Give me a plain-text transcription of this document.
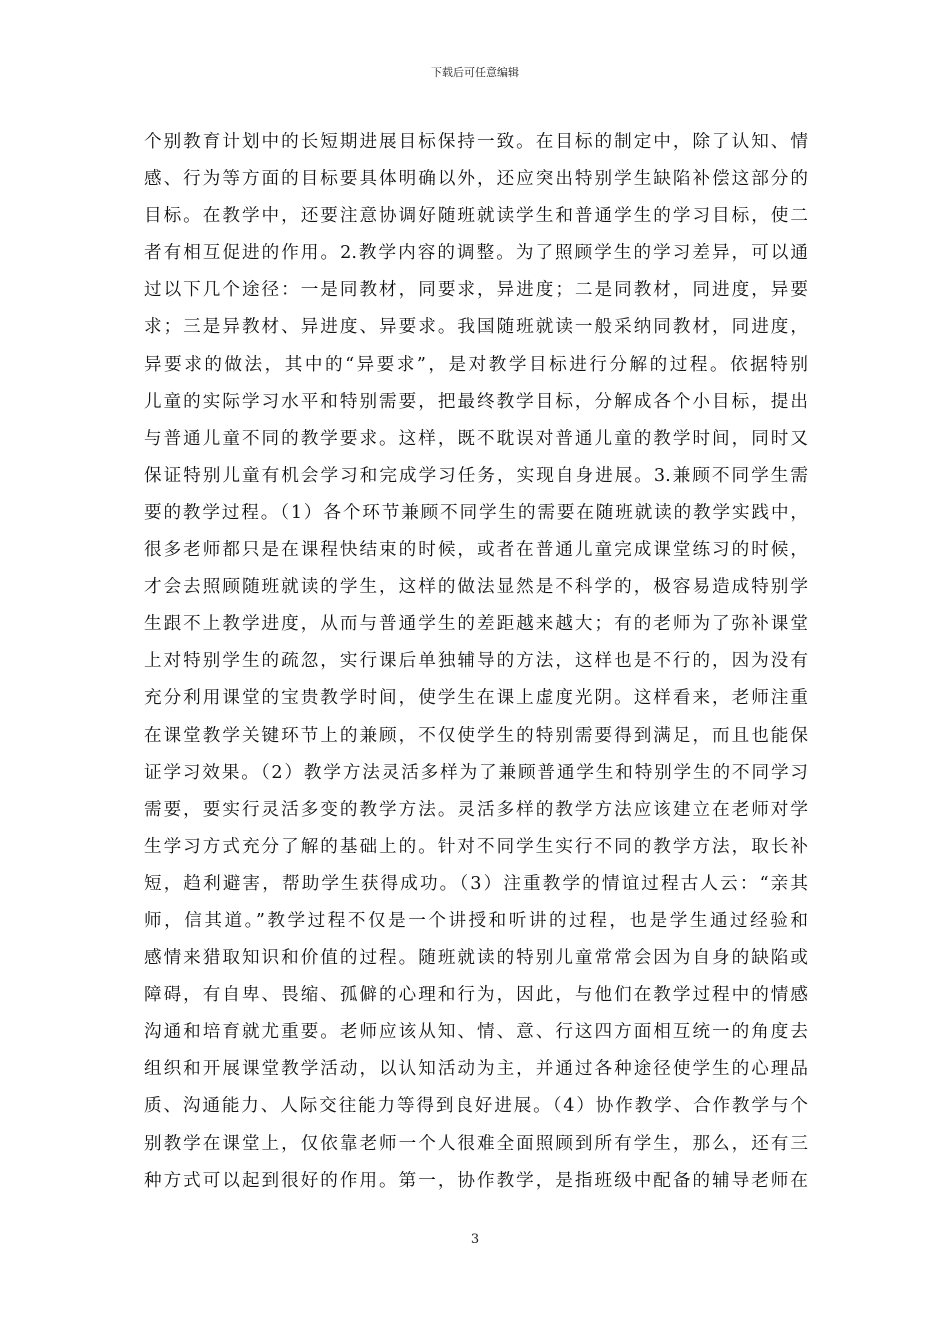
下载后可任意编辑
个别教育计划中的长短期进展目标保持一致。在目标的制定中，除了认知、情
感、行为等方面的目标要具体明确以外，还应突出特别学生缺陷补偿这部分的
目标。在教学中，还要注意协调好随班就读学生和普通学生的学习目标，使二
者有相互促进的作用。2.教学内容的调整。为了照顾学生的学习差异，可以通
过以下几个途径：一是同教材，同要求，异进度；二是同教材，同进度，异要
求；三是异教材、异进度、异要求。我国随班就读一般采纳同教材，同进度，
异要求的做法，其中的“异要求”，是对教学目标进行分解的过程。依据特别
儿童的实际学习水平和特别需要，把最终教学目标，分解成各个小目标，提出
与普通儿童不同的教学要求。这样，既不耽误对普通儿童的教学时间，同时又
保证特别儿童有机会学习和完成学习任务，实现自身进展。3.兼顾不同学生需
要的教学过程。（1）各个环节兼顾不同学生的需要在随班就读的教学实践中，
很多老师都只是在课程快结束的时候，或者在普通儿童完成课堂练习的时候，
才会去照顾随班就读的学生，这样的做法显然是不科学的，极容易造成特别学
生跟不上教学进度，从而与普通学生的差距越来越大；有的老师为了弥补课堂
上对特别学生的疏忽，实行课后单独辅导的方法，这样也是不行的，因为没有
充分利用课堂的宝贵教学时间，使学生在课上虚度光阴。这样看来，老师注重
在课堂教学关键环节上的兼顾，不仅使学生的特别需要得到满足，而且也能保
证学习效果。（2）教学方法灵活多样为了兼顾普通学生和特别学生的不同学习
需要，要实行灵活多变的教学方法。灵活多样的教学方法应该建立在老师对学
生学习方式充分了解的基础上的。针对不同学生实行不同的教学方法，取长补
短，趋利避害，帮助学生获得成功。（3）注重教学的情谊过程古人云：“亲其
师，信其道。”教学过程不仅是一个讲授和听讲的过程，也是学生通过经验和
感情来猎取知识和价值的过程。随班就读的特别儿童常常会因为自身的缺陷或
障碍，有自卑、畏缩、孤僻的心理和行为，因此，与他们在教学过程中的情感
沟通和培育就尤重要。老师应该从知、情、意、行这四方面相互统一的角度去
组织和开展课堂教学活动，以认知活动为主，并通过各种途径使学生的心理品
质、沟通能力、人际交往能力等得到良好进展。（4）协作教学、合作教学与个
别教学在课堂上，仅依靠老师一个人很难全面照顾到所有学生，那么，还有三
种方式可以起到很好的作用。第一，协作教学，是指班级中配备的辅导老师在
3
